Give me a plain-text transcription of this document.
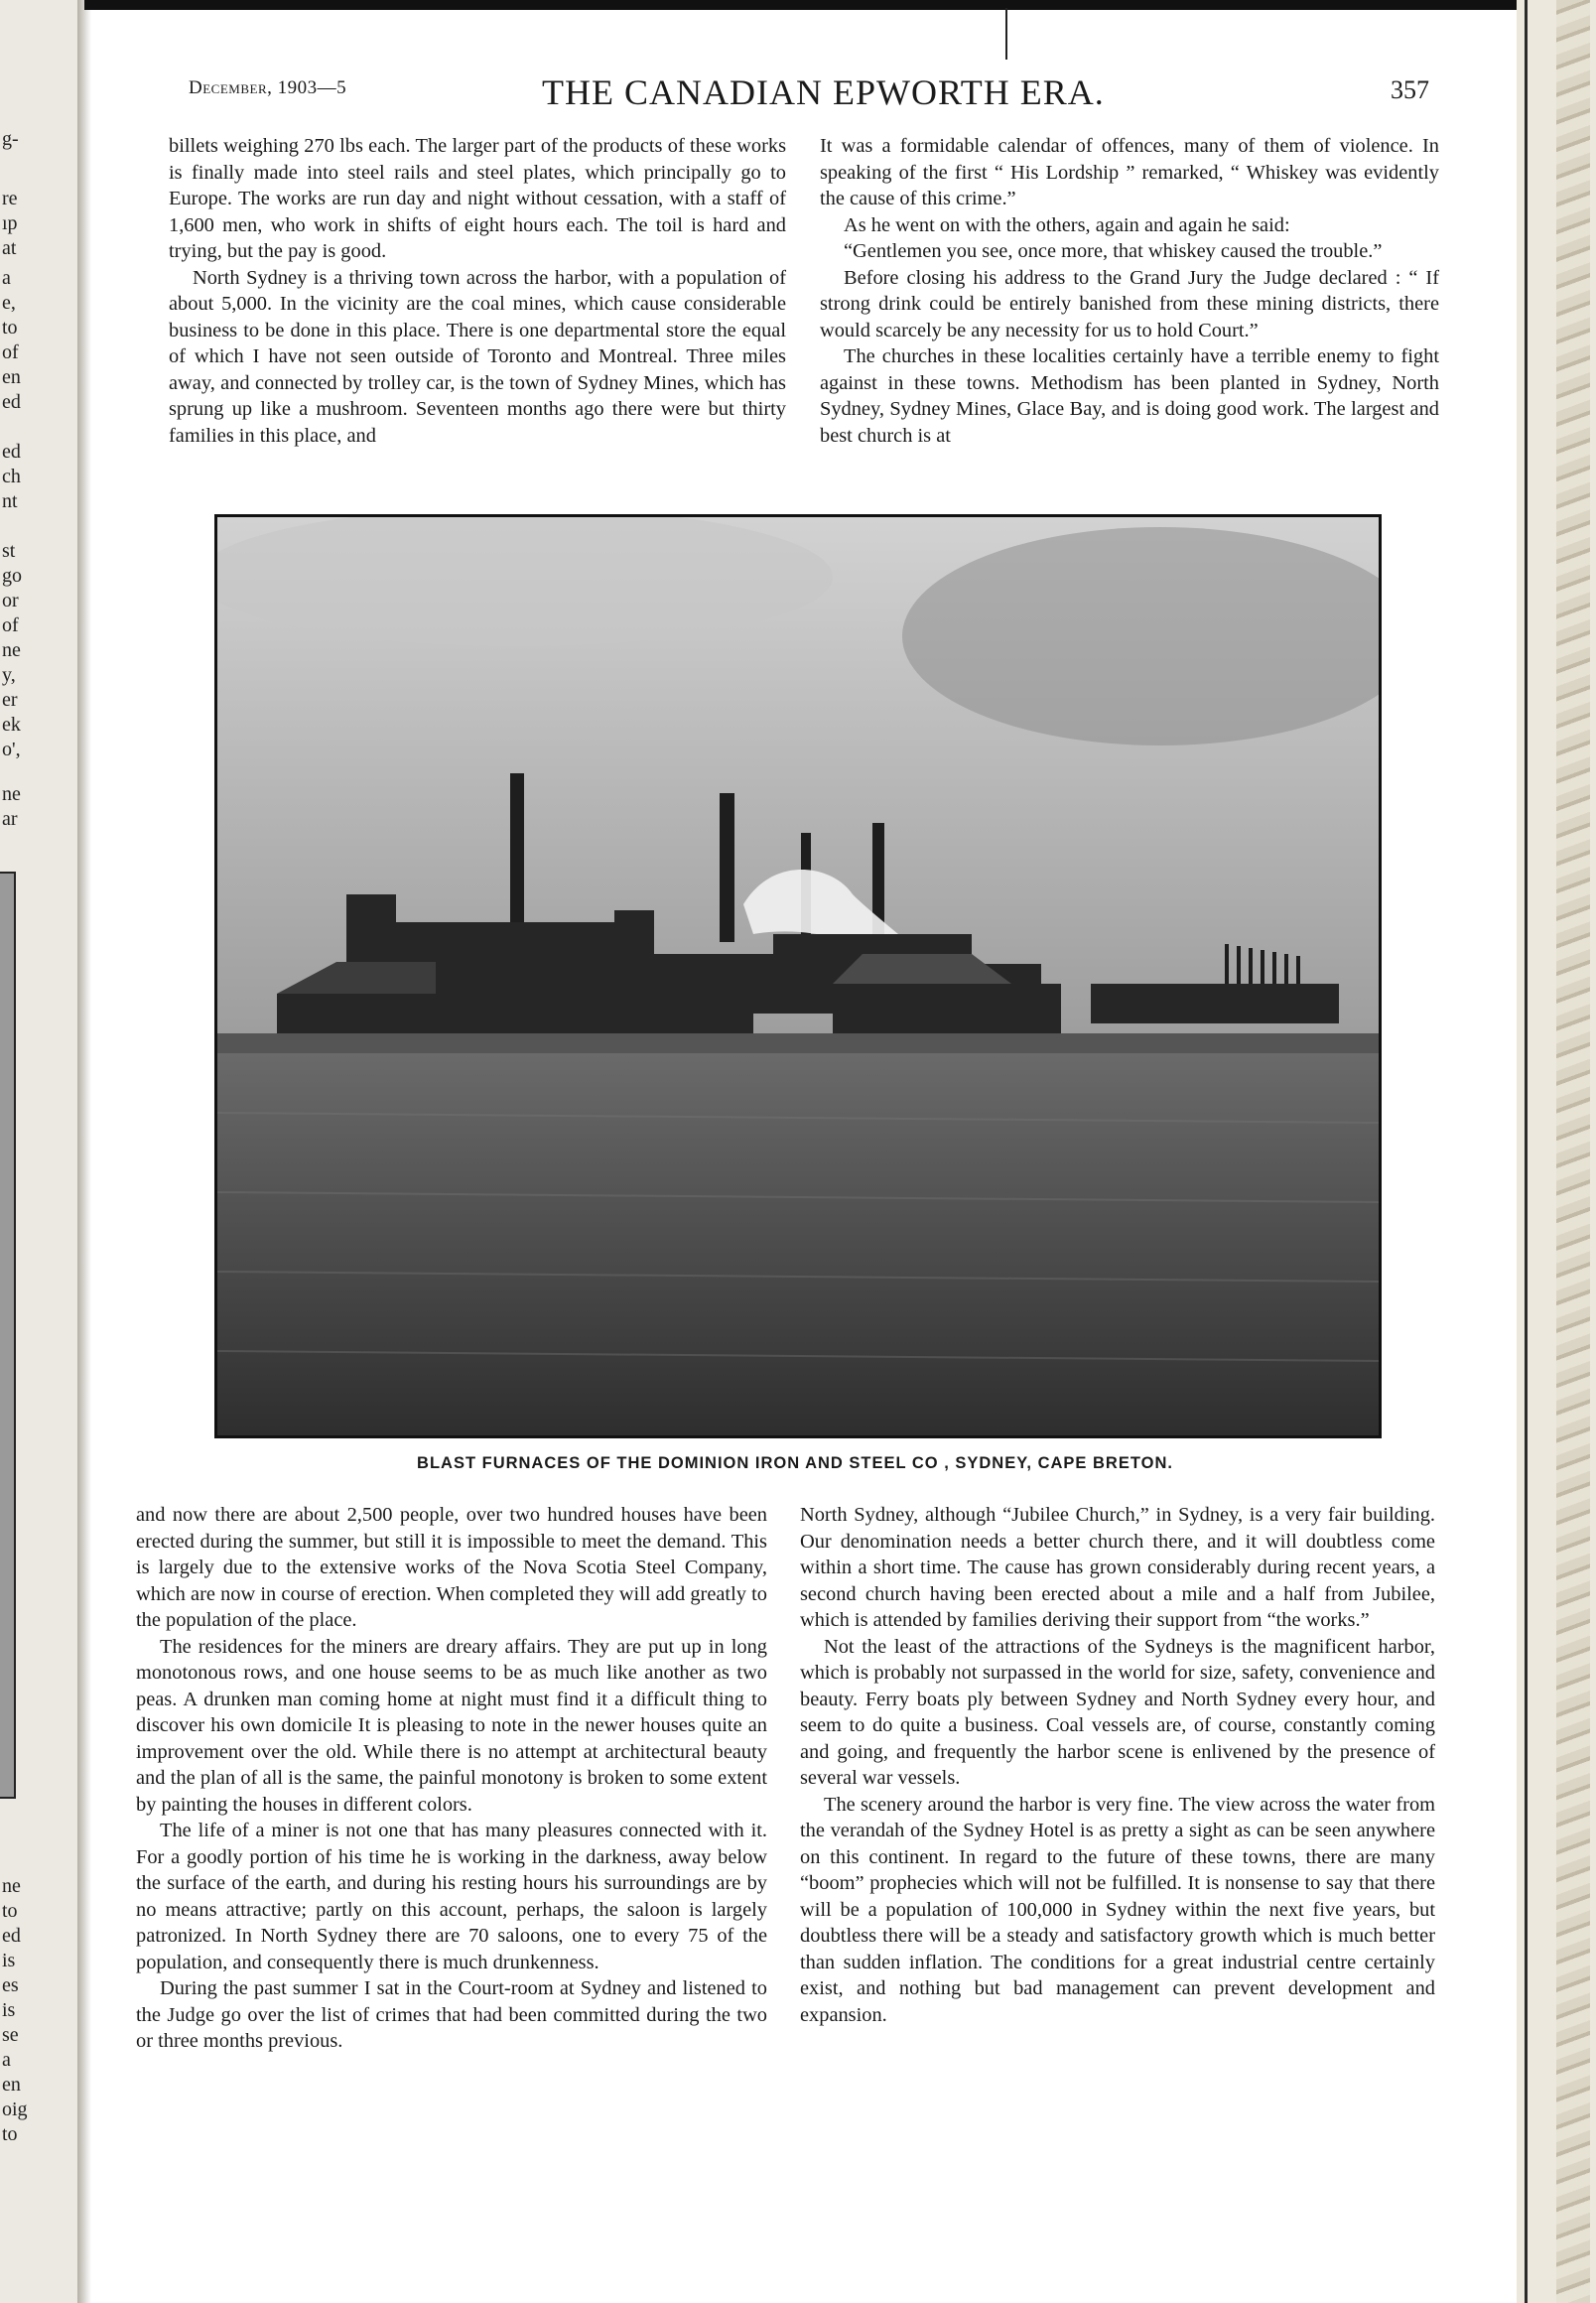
g-
re
ıp
at
a
e,
to
of
en
ed
ed
ch
nt
st
go
or
of
ne
y,
er
ek
o',
ne
ar
ne
to
ed
is
es
is
se
a
en
oig
to
December, 1903—5	THE CANADIAN EPWORTH ERA.	357

billets weighing 270 lbs each. The larger part of the products of these works is finally made into steel rails and steel plates, which principally go to Europe. The works are run day and night without cessation, with a staff of 1,600 men, who work in shifts of eight hours each. The toil is hard and trying, but the pay is good.

North Sydney is a thriving town across the harbor, with a population of about 5,000. In the vicinity are the coal mines, which cause considerable business to be done in this place. There is one departmental store the equal of which I have not seen outside of Toronto and Montreal. Three miles away, and connected by trolley car, is the town of Sydney Mines, which has sprung up like a mushroom. Seventeen months ago there were but thirty families in this place, and

It was a formidable calendar of offences, many of them of violence. In speaking of the first “ His Lordship ” remarked, “ Whiskey was evidently the cause of this crime.”

As he went on with the others, again and again he said:

“Gentlemen you see, once more, that whiskey caused the trouble.”

Before closing his address to the Grand Jury the Judge declared : “ If strong drink could be entirely banished from these mining districts, there would scarcely be any necessity for us to hold Court.”

The churches in these localities certainly have a terrible enemy to fight against in these towns. Methodism has been planted in Sydney, North Sydney, Sydney Mines, Glace Bay, and is doing good work. The largest and best church is at

BLAST FURNACES OF THE DOMINION IRON AND STEEL CO , SYDNEY, CAPE BRETON.

and now there are about 2,500 people, over two hundred houses have been erected during the summer, but still it is impossible to meet the demand. This is largely due to the extensive works of the Nova Scotia Steel Company, which are now in course of erection. When completed they will add greatly to the population of the place.

The residences for the miners are dreary affairs. They are put up in long monotonous rows, and one house seems to be as much like another as two peas. A drunken man coming home at night must find it a difficult thing to discover his own domicile It is pleasing to note in the newer houses quite an improvement over the old. While there is no attempt at architectural beauty and the plan of all is the same, the painful monotony is broken to some extent by painting the houses in different colors.

The life of a miner is not one that has many pleasures connected with it. For a goodly portion of his time he is working in the darkness, away below the surface of the earth, and during his resting hours his surroundings are by no means attractive; partly on this account, perhaps, the saloon is largely patronized. In North Sydney there are 70 saloons, one to every 75 of the population, and consequently there is much drunkenness.

During the past summer I sat in the Court-room at Sydney and listened to the Judge go over the list of crimes that had been committed during the two or three months previous.

North Sydney, although “Jubilee Church,” in Sydney, is a very fair building. Our denomination needs a better church there, and it will doubtless come within a short time. The cause has grown considerably during recent years, a second church having been erected about a mile and a half from Jubilee, which is attended by families deriving their support from “the works.”

Not the least of the attractions of the Sydneys is the magnificent harbor, which is probably not surpassed in the world for size, safety, convenience and beauty. Ferry boats ply between Sydney and North Sydney every hour, and seem to do quite a business. Coal vessels are, of course, constantly coming and going, and frequently the harbor scene is enlivened by the presence of several war vessels.

The scenery around the harbor is very fine. The view across the water from the verandah of the Sydney Hotel is as pretty a sight as can be seen anywhere on this continent. In regard to the future of these towns, there are many “boom” prophecies which will not be fulfilled. It is nonsense to say that there will be a population of 100,000 in Sydney within the next five years, but doubtless there will be a steady and satisfactory growth which is much better than sudden inflation. The conditions for a great industrial centre certainly exist, and nothing but bad management can prevent development and expansion.
